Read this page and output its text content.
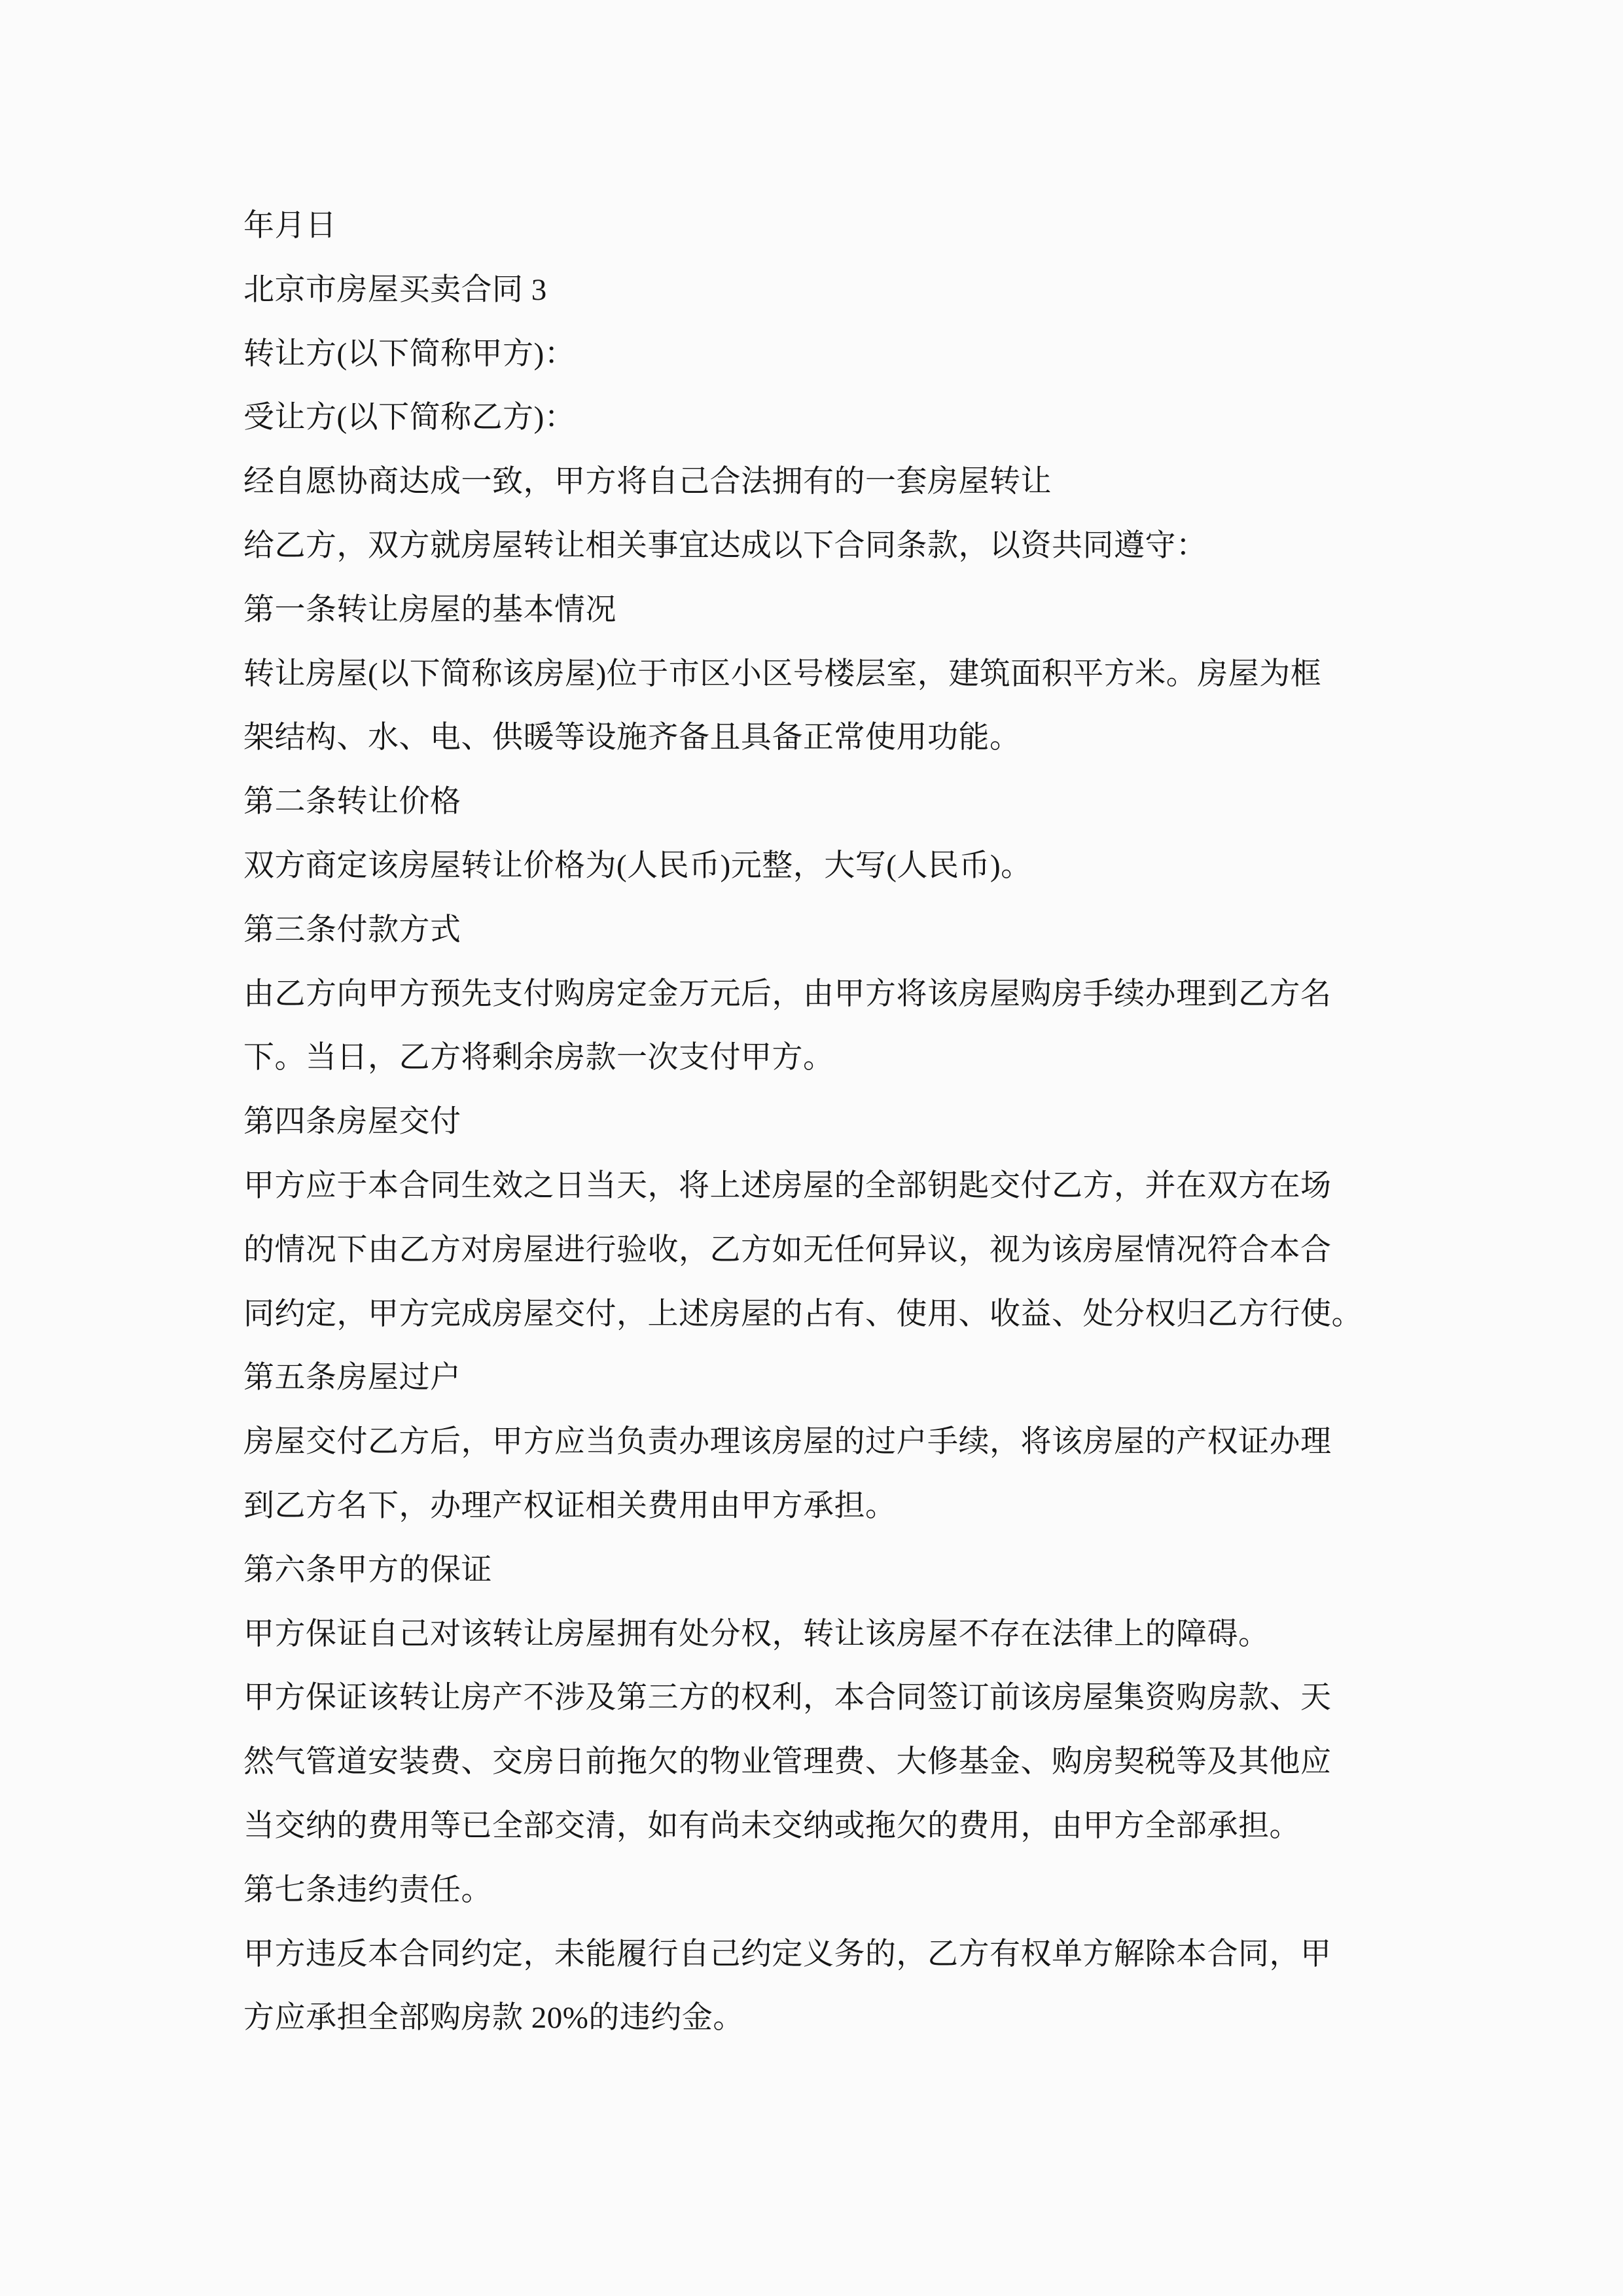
年月日
北京市房屋买卖合同 3
转让方(以下简称甲方)：
受让方(以下简称乙方)：
经自愿协商达成一致，甲方将自己合法拥有的一套房屋转让
给乙方，双方就房屋转让相关事宜达成以下合同条款，以资共同遵守：
第一条转让房屋的基本情况
转让房屋(以下简称该房屋)位于市区小区号楼层室，建筑面积平方米。房屋为框
架结构、水、电、供暖等设施齐备且具备正常使用功能。
第二条转让价格
双方商定该房屋转让价格为(人民币)元整，大写(人民币)。
第三条付款方式
由乙方向甲方预先支付购房定金万元后，由甲方将该房屋购房手续办理到乙方名
下。当日，乙方将剩余房款一次支付甲方。
第四条房屋交付
甲方应于本合同生效之日当天，将上述房屋的全部钥匙交付乙方，并在双方在场
的情况下由乙方对房屋进行验收，乙方如无任何异议，视为该房屋情况符合本合
同约定，甲方完成房屋交付，上述房屋的占有、使用、收益、处分权归乙方行使。
第五条房屋过户
房屋交付乙方后，甲方应当负责办理该房屋的过户手续，将该房屋的产权证办理
到乙方名下，办理产权证相关费用由甲方承担。
第六条甲方的保证
甲方保证自己对该转让房屋拥有处分权，转让该房屋不存在法律上的障碍。
甲方保证该转让房产不涉及第三方的权利，本合同签订前该房屋集资购房款、天
然气管道安装费、交房日前拖欠的物业管理费、大修基金、购房契税等及其他应
当交纳的费用等已全部交清，如有尚未交纳或拖欠的费用，由甲方全部承担。
第七条违约责任。
甲方违反本合同约定，未能履行自己约定义务的，乙方有权单方解除本合同，甲
方应承担全部购房款 20%的违约金。
